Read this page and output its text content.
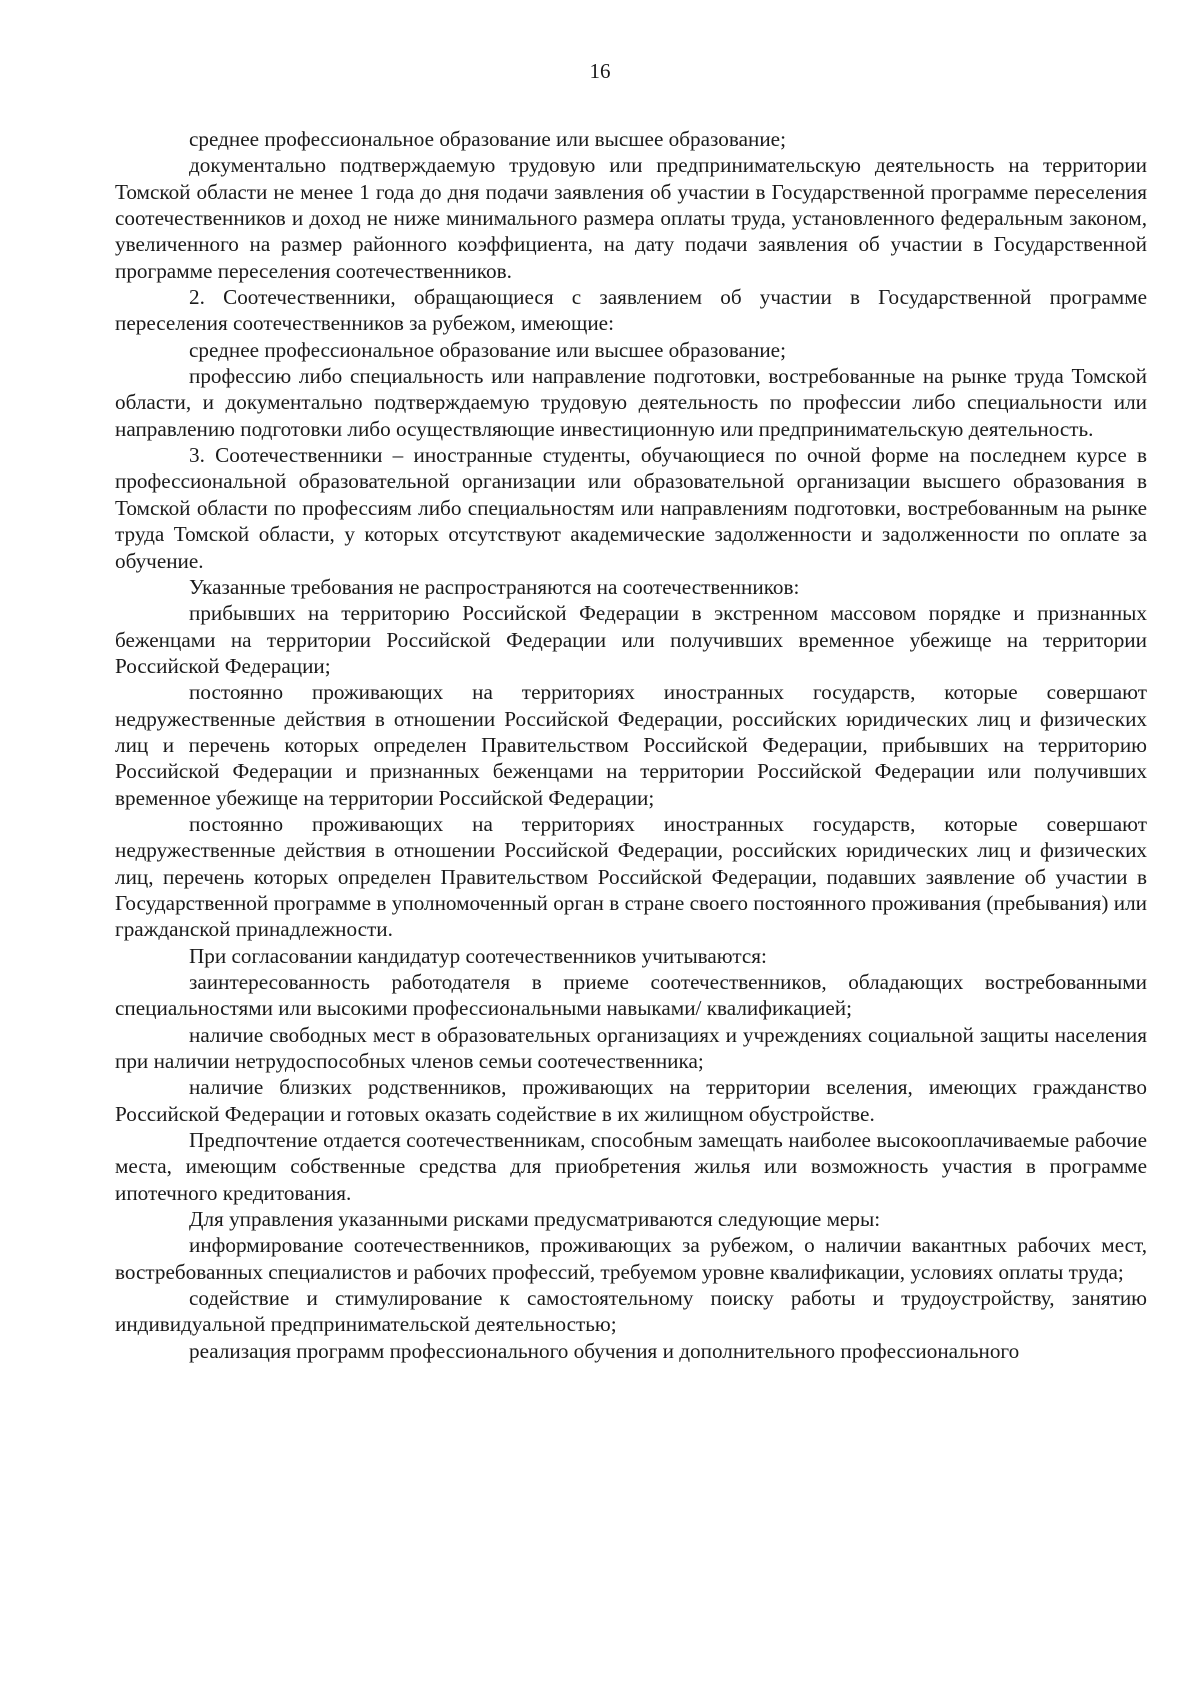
16

среднее профессиональное образование или высшее образование;

документально подтверждаемую трудовую или предпринимательскую деятельность на территории Томской области не менее 1 года до дня подачи заявления об участии в Государственной программе переселения соотечественников и доход не ниже минимального размера оплаты труда, установленного федеральным законом, увеличенного на размер районного коэффициента, на дату подачи заявления об участии в Государственной программе переселения соотечественников.

2. Соотечественники, обращающиеся с заявлением об участии в Государственной программе переселения соотечественников за рубежом, имеющие:

среднее профессиональное образование или высшее образование;

профессию либо специальность или направление подготовки, востребованные на рынке труда Томской области, и документально подтверждаемую трудовую деятельность по профессии либо специальности или направлению подготовки либо осуществляющие инвестиционную или предпринимательскую деятельность.

3. Соотечественники – иностранные студенты, обучающиеся по очной форме на последнем курсе в профессиональной образовательной организации или образовательной организации высшего образования в Томской области по профессиям либо специальностям или направлениям подготовки, востребованным на рынке труда Томской области, у которых отсутствуют академические задолженности и задолженности по оплате за обучение.

Указанные требования не распространяются на соотечественников:

прибывших на территорию Российской Федерации в экстренном массовом порядке и признанных беженцами на территории Российской Федерации или получивших временное убежище на территории Российской Федерации;

постоянно проживающих на территориях иностранных государств, которые совершают недружественные действия в отношении Российской Федерации, российских юридических лиц и физических лиц и перечень которых определен Правительством Российской Федерации, прибывших на территорию Российской Федерации и признанных беженцами на территории Российской Федерации или получивших временное убежище на территории Российской Федерации;

постоянно проживающих на территориях иностранных государств, которые совершают недружественные действия в отношении Российской Федерации, российских юридических лиц и физических лиц, перечень которых определен Правительством Российской Федерации, подавших заявление об участии в Государственной программе в уполномоченный орган в стране своего постоянного проживания (пребывания) или гражданской принадлежности.

При согласовании кандидатур соотечественников учитываются:

заинтересованность работодателя в приеме соотечественников, обладающих востребованными специальностями или высокими профессиональными навыками/ квалификацией;

наличие свободных мест в образовательных организациях и учреждениях социальной защиты населения при наличии нетрудоспособных членов семьи соотечественника;

наличие близких родственников, проживающих на территории вселения, имеющих гражданство Российской Федерации и готовых оказать содействие в их жилищном обустройстве.

Предпочтение отдается соотечественникам, способным замещать наиболее высокооплачиваемые рабочие места, имеющим собственные средства для приобретения жилья или возможность участия в программе ипотечного кредитования.

Для управления указанными рисками предусматриваются следующие меры:

информирование соотечественников, проживающих за рубежом, о наличии вакантных рабочих мест, востребованных специалистов и рабочих профессий, требуемом уровне квалификации, условиях оплаты труда;

содействие и стимулирование к самостоятельному поиску работы и трудоустройству, занятию индивидуальной предпринимательской деятельностью;

реализация программ профессионального обучения и дополнительного профессионального
